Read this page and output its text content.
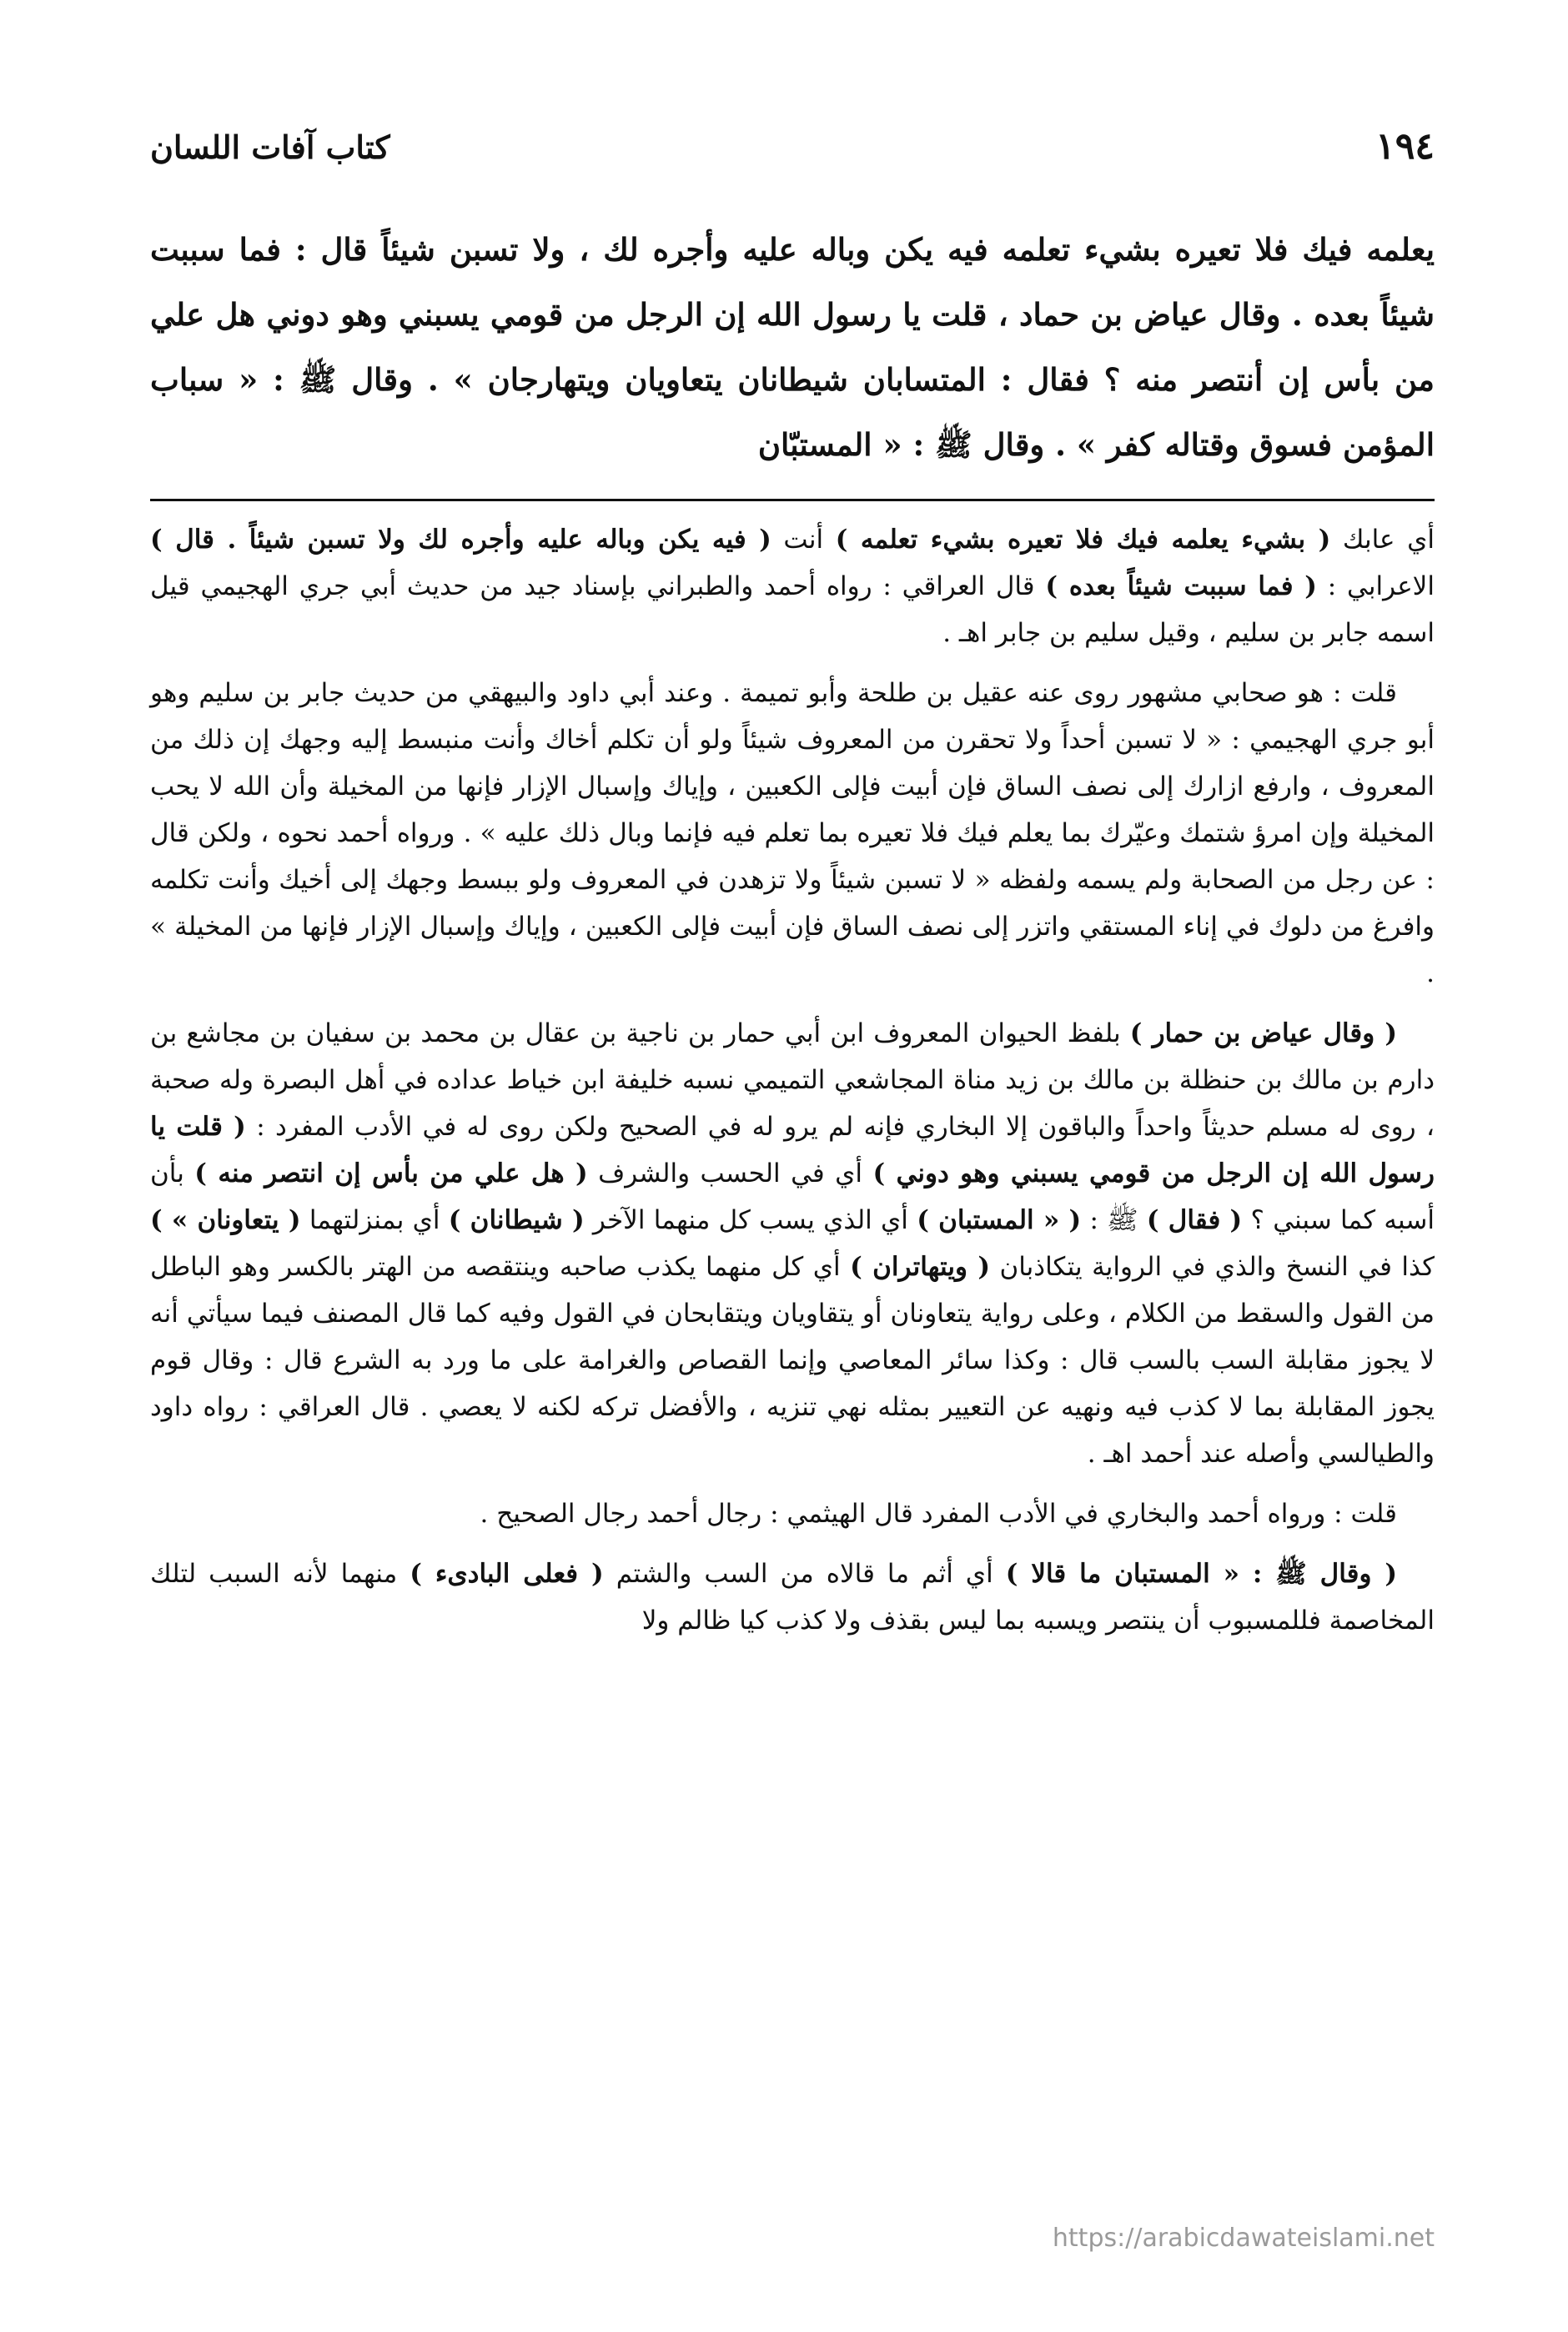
١٩٤
كتاب آفات اللسان

يعلمه فيك فلا تعيره بشيء تعلمه فيه يكن وباله عليه وأجره لك ، ولا تسبن شيئاً قال : فما سببت شيئاً بعده . وقال عياض بن حماد ، قلت يا رسول الله إن الرجل من قومي يسبني وهو دوني هل علي من بأس إن أنتصر منه ؟ فقال : المتسابان شيطانان يتعاويان ويتهارجان » . وقال ﷺ : « سباب المؤمن فسوق وقتاله كفر » . وقال ﷺ : « المستبّان

أي عابك ( بشيء يعلمه فيك فلا تعيره بشيء تعلمه ) أنت ( فيه يكن وباله عليه وأجره لك ولا تسبن شيئاً . قال ) الاعرابي : ( فما سببت شيئاً بعده ) قال العراقي : رواه أحمد والطبراني بإسناد جيد من حديث أبي جري الهجيمي قيل اسمه جابر بن سليم ، وقيل سليم بن جابر اهـ .

قلت : هو صحابي مشهور روى عنه عقيل بن طلحة وأبو تميمة . وعند أبي داود والبيهقي من حديث جابر بن سليم وهو أبو جري الهجيمي : « لا تسبن أحداً ولا تحقرن من المعروف شيئاً ولو أن تكلم أخاك وأنت منبسط إليه وجهك إن ذلك من المعروف ، وارفع ازارك إلى نصف الساق فإن أبيت فإلى الكعبين ، وإياك وإسبال الإزار فإنها من المخيلة وأن الله لا يحب المخيلة وإن امرؤ شتمك وعيّرك بما يعلم فيك فلا تعيره بما تعلم فيه فإنما وبال ذلك عليه » . ورواه أحمد نحوه ، ولكن قال : عن رجل من الصحابة ولم يسمه ولفظه « لا تسبن شيئاً ولا تزهدن في المعروف ولو ببسط وجهك إلى أخيك وأنت تكلمه وافرغ من دلوك في إناء المستقي واتزر إلى نصف الساق فإن أبيت فإلى الكعبين ، وإياك وإسبال الإزار فإنها من المخيلة » .

( وقال عياض بن حمار ) بلفظ الحيوان المعروف ابن أبي حمار بن ناجية بن عقال بن محمد بن سفيان بن مجاشع بن دارم بن مالك بن حنظلة بن مالك بن زيد مناة المجاشعي التميمي نسبه خليفة ابن خياط عداده في أهل البصرة وله صحبة ، روى له مسلم حديثاً واحداً والباقون إلا البخاري فإنه لم يرو له في الصحيح ولكن روى له في الأدب المفرد : ( قلت يا رسول الله إن الرجل من قومي يسبني وهو دوني ) أي في الحسب والشرف ( هل علي من بأس إن انتصر منه ) بأن أسبه كما سبني ؟ ( فقال ) ﷺ : ( « المستبان ) أي الذي يسب كل منهما الآخر ( شيطانان ) أي بمنزلتهما ( يتعاونان » ) كذا في النسخ والذي في الرواية يتكاذبان ( ويتهاتران ) أي كل منهما يكذب صاحبه وينتقصه من الهتر بالكسر وهو الباطل من القول والسقط من الكلام ، وعلى رواية يتعاونان أو يتقاويان ويتقابحان في القول وفيه كما قال المصنف فيما سيأتي أنه لا يجوز مقابلة السب بالسب قال : وكذا سائر المعاصي وإنما القصاص والغرامة على ما ورد به الشرع قال : وقال قوم يجوز المقابلة بما لا كذب فيه ونهيه عن التعيير بمثله نهي تنزيه ، والأفضل تركه لكنه لا يعصي . قال العراقي : رواه داود والطيالسي وأصله عند أحمد اهـ .

قلت : ورواه أحمد والبخاري في الأدب المفرد قال الهيثمي : رجال أحمد رجال الصحيح .

( وقال ﷺ : « المستبان ما قالا ) أي أثم ما قالاه من السب والشتم ( فعلى البادىء ) منهما لأنه السبب لتلك المخاصمة فللمسبوب أن ينتصر ويسبه بما ليس بقذف ولا كذب كيا ظالم ولا

https://arabicdawateislami.net
